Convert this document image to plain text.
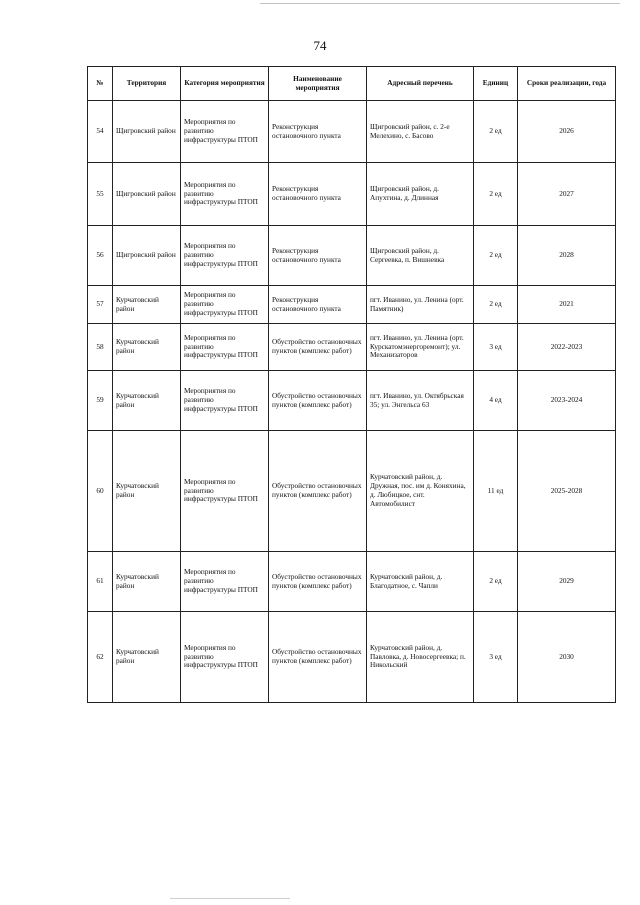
74
№	Территория	Категория мероприятия	Наименование мероприятия	Адресный перечень	Единиц	Сроки реализации, года
54	Щигровский район	Мероприятия по развитию инфраструктуры ПТОП	Реконструкция остановочного пункта	Щигровский район, с. 2-е Мелехино, с. Басово	2 ед	2026
55	Щигровский район	Мероприятия по развитию инфраструктуры ПТОП	Реконструкция остановочного пункта	Щигровский район, д. Апухтина, д. Длинная	2 ед	2027
56	Щигровский район	Мероприятия по развитию инфраструктуры ПТОП	Реконструкция остановочного пункта	Щигровский район, д. Сергеевка, п. Вишневка	2 ед	2028
57	Курчатовский район	Мероприятия по развитию инфраструктуры ПТОП	Реконструкция остановочного пункта	пгт. Иванино, ул. Ленина (орт. Памятник)	2 ед	2021
58	Курчатовский район	Мероприятия по развитию инфраструктуры ПТОП	Обустройство остановочных пунктов (комплекс работ)	пгт. Иванино, ул. Ленина (орт. Курскатомэнергоремонт); ул. Механизаторов	3 ед	2022-2023
59	Курчатовский район	Мероприятия по развитию инфраструктуры ПТОП	Обустройство остановочных пунктов (комплекс работ)	пгт. Иванино, ул. Октябрьская 35; ул. Энгельса 63	4 ед	2023-2024
60	Курчатовский район	Мероприятия по развитию инфраструктуры ПТОП	Обустройство остановочных пунктов (комплекс работ)	Курчатовский район, д. Дружная, пос. им д. Коняхина, д. Любицкое, снт. Автомобилист	11 ед	2025-2028
61	Курчатовский район	Мероприятия по развитию инфраструктуры ПТОП	Обустройство остановочных пунктов (комплекс работ)	Курчатовский район, д. Благодатное, с. Чапли	2 ед	2029
62	Курчатовский район	Мероприятия по развитию инфраструктуры ПТОП	Обустройство остановочных пунктов (комплекс работ)	Курчатовский район, д. Павловка, д. Новосергеевка; п. Никольский	3 ед	2030
